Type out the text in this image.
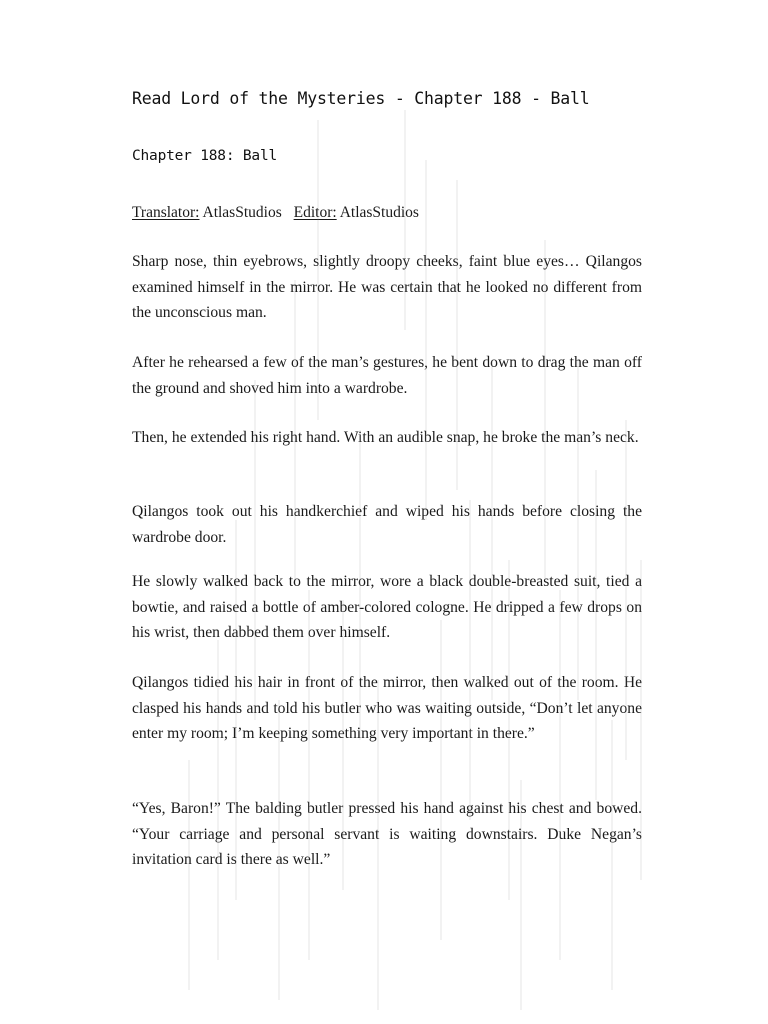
Read Lord of the Mysteries - Chapter 188 - Ball
Chapter 188: Ball
Translator: AtlasStudios Editor: AtlasStudios

Sharp nose, thin eyebrows, slightly droopy cheeks, faint blue eyes… Qilangos examined himself in the mirror. He was certain that he looked no different from the unconscious man.

After he rehearsed a few of the man’s gestures, he bent down to drag the man off the ground and shoved him into a wardrobe.

Then, he extended his right hand. With an audible snap, he broke the man’s neck.

Qilangos took out his handkerchief and wiped his hands before closing the wardrobe door.

He slowly walked back to the mirror, wore a black double-breasted suit, tied a bowtie, and raised a bottle of amber-colored cologne. He dripped a few drops on his wrist, then dabbed them over himself.

Qilangos tidied his hair in front of the mirror, then walked out of the room. He clasped his hands and told his butler who was waiting outside, “Don’t let anyone enter my room; I’m keeping something very important in there.”

“Yes, Baron!” The balding butler pressed his hand against his chest and bowed. “Your carriage and personal servant is waiting downstairs. Duke Negan’s invitation card is there as well.”
